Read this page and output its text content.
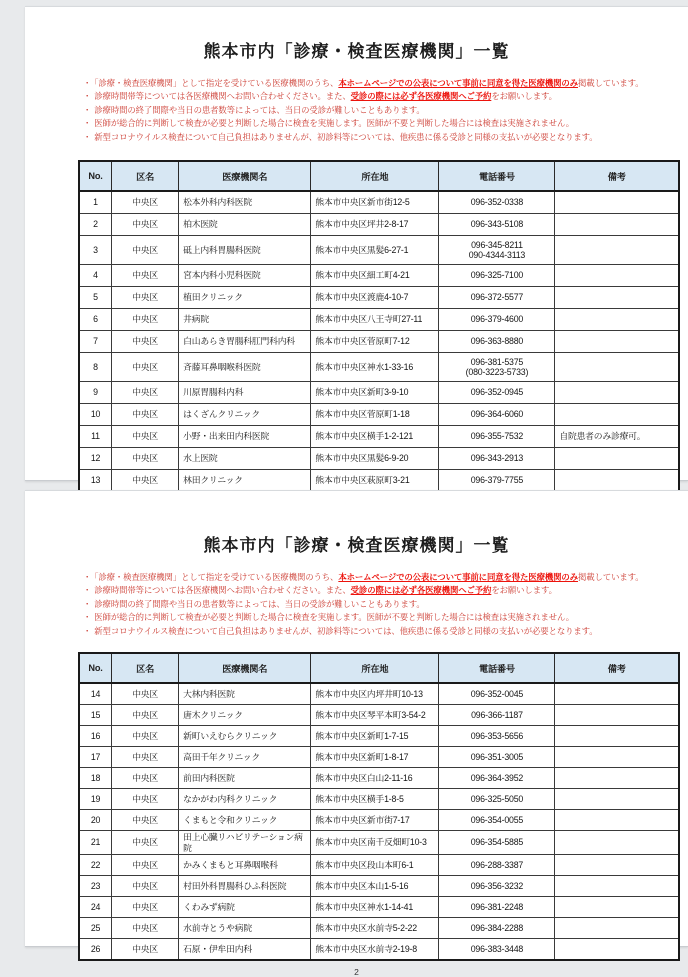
熊本市内「診療・検査医療機関」一覧
・ 「診療・検査医療機関」として指定を受けている医療機関のうち、本ホームページでの公表について事前に同意を得た医療機関のみ掲載しています。
・ 診療時間帯等については各医療機関へお問い合わせください。また、受診の際には必ず各医療機関へご予約をお願いします。
・ 診療時間の終了間際や当日の患者数等によっては、当日の受診が難しいこともあります。
・ 医師が総合的に判断して検査が必要と判断した場合に検査を実施します。医師が不要と判断した場合には検査は実施されません。
・ 新型コロナウイルス検査について自己負担はありませんが、初診料等については、他疾患に係る受診と同様の支払いが必要となります。
No.	区名	医療機関名	所在地	電話番号	備考
1	中央区	松本外科内科医院	熊本市中央区新市街12-5	096-352-0338	

2	中央区	柏木医院	熊本市中央区坪井2-8-17	096-343-5108	

3	中央区	砥上内科胃腸科医院	熊本市中央区黒髪6-27-1	096-345-8211
090-4344-3113	

4	中央区	宮本内科小児科医院	熊本市中央区細工町4-21	096-325-7100	

5	中央区	植田クリニック	熊本市中央区渡鹿4-10-7	096-372-5577	

6	中央区	井病院	熊本市中央区八王寺町27-11	096-379-4600	

7	中央区	白山あらき胃腸科肛門科内科	熊本市中央区菅原町7-12	096-363-8880	

8	中央区	斉藤耳鼻咽喉科医院	熊本市中央区神水1-33-16	096-381-5375
(080-3223-5733)	

9	中央区	川原胃腸科内科	熊本市中央区新町3-9-10	096-352-0945	

10	中央区	はくざんクリニック	熊本市中央区菅原町1-18	096-364-6060	

11	中央区	小野・出来田内科医院	熊本市中央区横手1-2-121	096-355-7532	自院患者のみ診療可。
12	中央区	水上医院	熊本市中央区黒髪6-9-20	096-343-2913	

13	中央区	林田クリニック	熊本市中央区萩原町3-21	096-379-7755	

熊本市内「診療・検査医療機関」一覧
・ 「診療・検査医療機関」として指定を受けている医療機関のうち、本ホームページでの公表について事前に同意を得た医療機関のみ掲載しています。
・ 診療時間帯等については各医療機関へお問い合わせください。また、受診の際には必ず各医療機関へご予約をお願いします。
・ 診療時間の終了間際や当日の患者数等によっては、当日の受診が難しいこともあります。
・ 医師が総合的に判断して検査が必要と判断した場合に検査を実施します。医師が不要と判断した場合には検査は実施されません。
・ 新型コロナウイルス検査について自己負担はありませんが、初診料等については、他疾患に係る受診と同様の支払いが必要となります。
No.	区名	医療機関名	所在地	電話番号	備考
14	中央区	大林内科医院	熊本市中央区内坪井町10-13	096-352-0045	

15	中央区	唐木クリニック	熊本市中央区琴平本町3-54-2	096-366-1187	

16	中央区	新町いえむらクリニック	熊本市中央区新町1-7-15	096-353-5656	

17	中央区	高田千年クリニック	熊本市中央区新町1-8-17	096-351-3005	

18	中央区	前田内科医院	熊本市中央区白山2-11-16	096-364-3952	

19	中央区	なかがわ内科クリニック	熊本市中央区横手1-8-5	096-325-5050	

20	中央区	くまもと令和クリニック	熊本市中央区新市街7-17	096-354-0055	

21	中央区	田上心臓リハビリテーション病院	熊本市中央区南千反畑町10-3	096-354-5885	

22	中央区	かみくまもと耳鼻咽喉科	熊本市中央区段山本町6-1	096-288-3387	

23	中央区	村田外科胃腸科ひふ科医院	熊本市中央区本山1-5-16	096-356-3232	

24	中央区	くわみず病院	熊本市中央区神水1-14-41	096-381-2248	

25	中央区	水前寺とうや病院	熊本市中央区水前寺5-2-22	096-384-2288	

26	中央区	石原・伊牟田内科	熊本市中央区水前寺2-19-8	096-383-3448	

2
